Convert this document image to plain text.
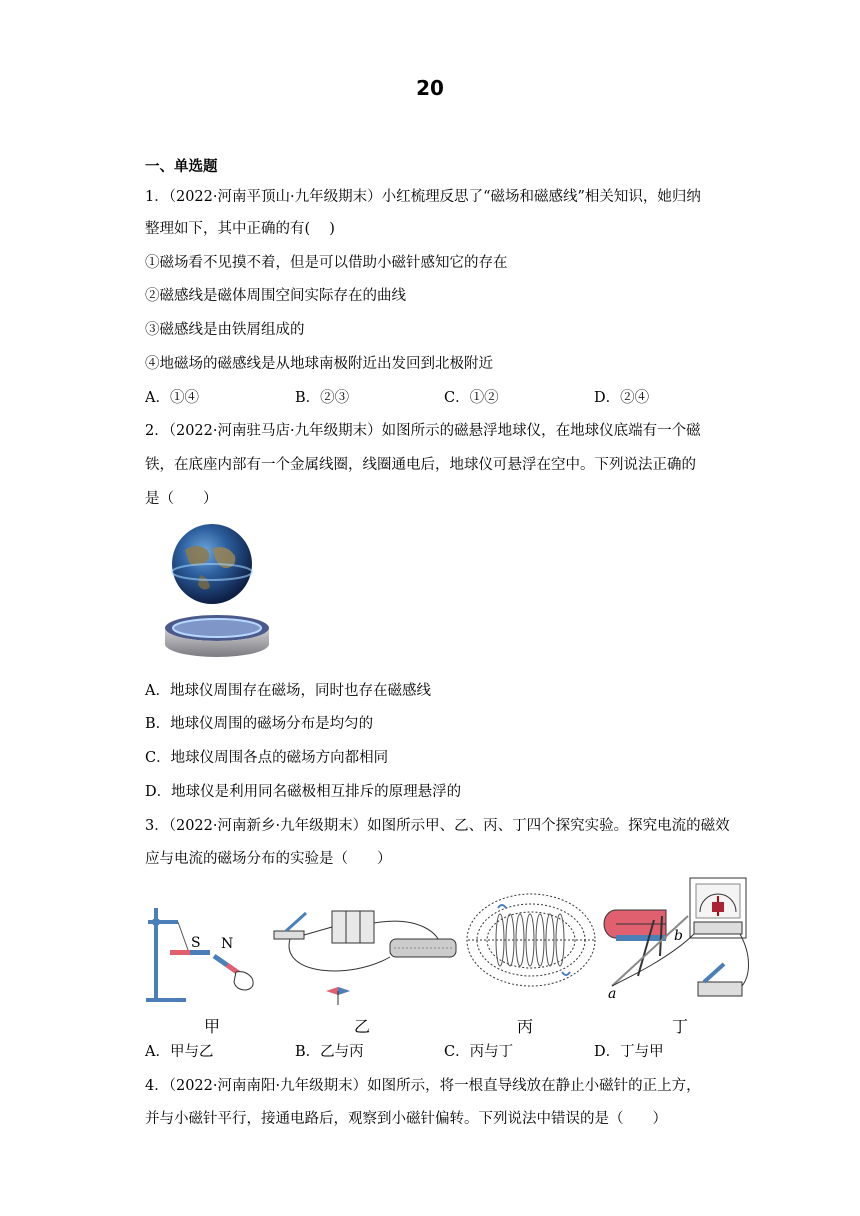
20
一、单选题
1．（2022·河南平顶山·九年级期末）小红梳理反思了“磁场和磁感线”相关知识，她归纳
整理如下，其中正确的有(　 )
①磁场看不见摸不着，但是可以借助小磁针感知它的存在
②磁感线是磁体周围空间实际存在的曲线
③磁感线是由铁屑组成的
④地磁场的磁感线是从地球南极附近出发回到北极附近
A．①④	B．②③	C．①②	D．②④
2．（2022·河南驻马店·九年级期末）如图所示的磁悬浮地球仪，在地球仪底端有一个磁
铁，在底座内部有一个金属线圈，线圈通电后，地球仪可悬浮在空中。下列说法正确的
是（　　）
A．地球仪周围存在磁场，同时也存在磁感线
B．地球仪周围的磁场分布是均匀的
C．地球仪周围各点的磁场方向都相同
D．地球仪是利用同名磁极相互排斥的原理悬浮的
3．（2022·河南新乡·九年级期末）如图所示甲、乙、丙、丁四个探究实验。探究电流的磁效
应与电流的磁场分布的实验是（　　）
S N
甲	乙	丙
b
a
丁
A．甲与乙	B．乙与丙	C．丙与丁	D．丁与甲
4．（2022·河南南阳·九年级期末）如图所示，将一根直导线放在静止小磁针的正上方，
并与小磁针平行，接通电路后，观察到小磁针偏转。下列说法中错误的是（　　）
